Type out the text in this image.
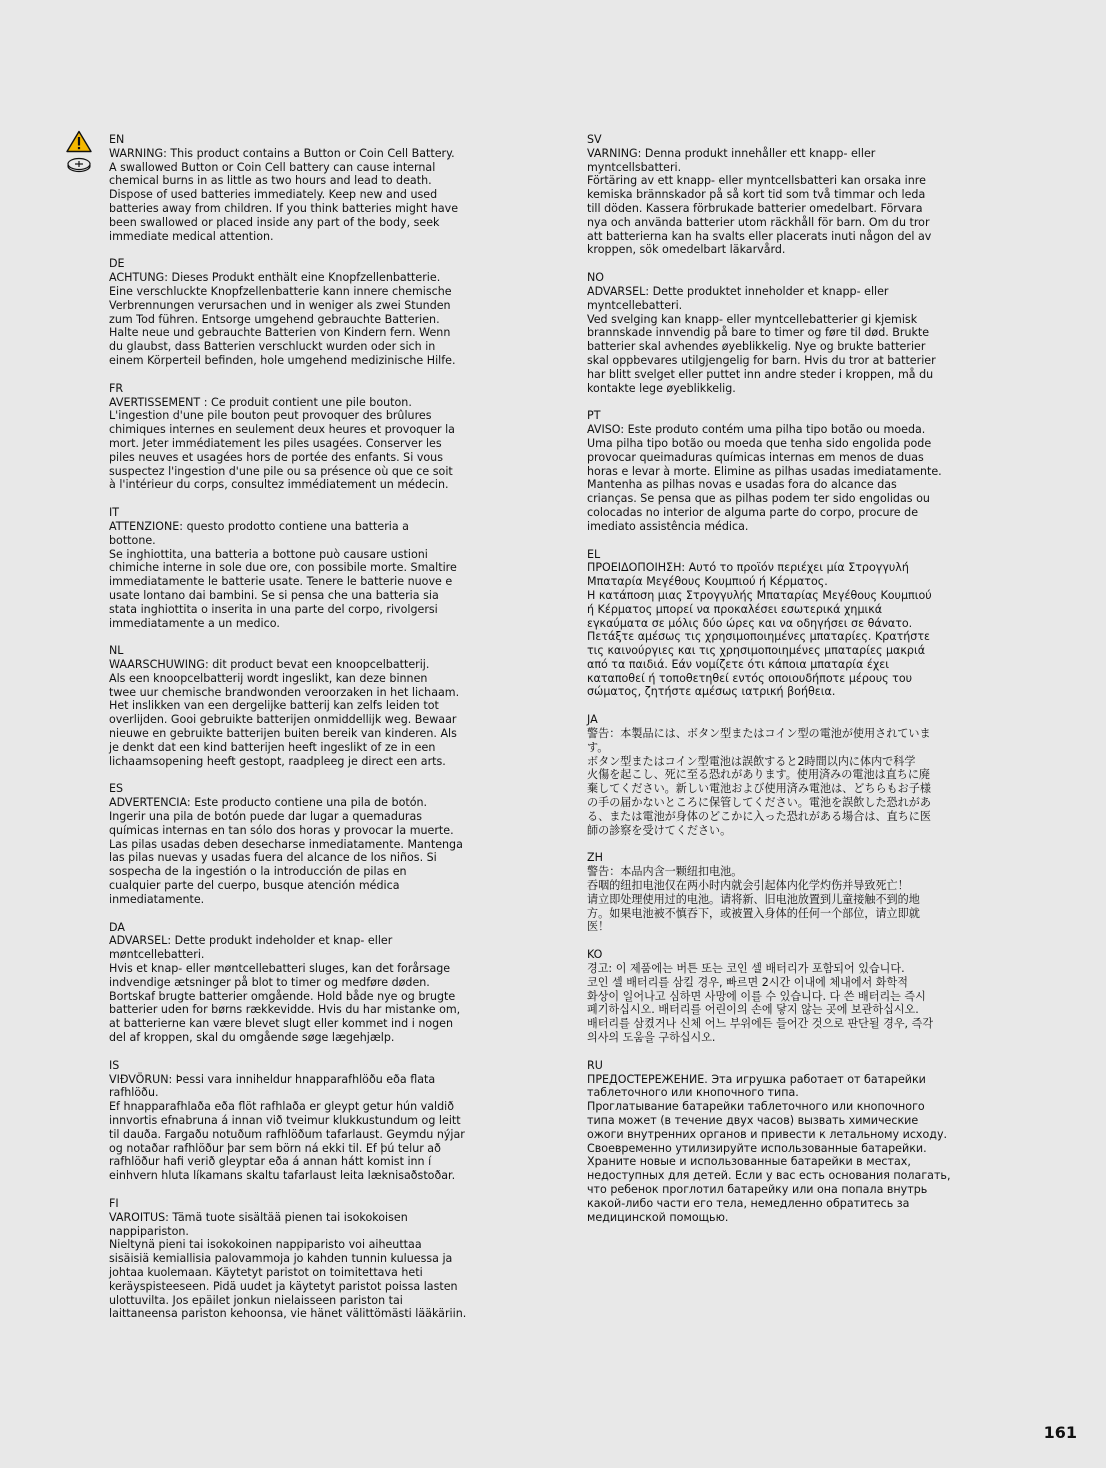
EN

WARNING: This product contains a Button or Coin Cell Battery.
A swallowed Button or Coin Cell battery can cause internal
chemical burns in as little as two hours and lead to death.
Dispose of used batteries immediately. Keep new and used
batteries away from children. If you think batteries might have
been swallowed or placed inside any part of the body, seek
immediate medical attention.

DE

ACHTUNG: Dieses Produkt enthält eine Knopfzellenbatterie.
Eine verschluckte Knopfzellenbatterie kann innere chemische
Verbrennungen verursachen und in weniger als zwei Stunden
zum Tod führen. Entsorge umgehend gebrauchte Batterien.
Halte neue und gebrauchte Batterien von Kindern fern. Wenn
du glaubst, dass Batterien verschluckt wurden oder sich in
einem Körperteil befinden, hole umgehend medizinische Hilfe.

FR

AVERTISSEMENT : Ce produit contient une pile bouton.
L'ingestion d'une pile bouton peut provoquer des brûlures
chimiques internes en seulement deux heures et provoquer la
mort. Jeter immédiatement les piles usagées. Conserver les
piles neuves et usagées hors de portée des enfants. Si vous
suspectez l'ingestion d'une pile ou sa présence où que ce soit
à l'intérieur du corps, consultez immédiatement un médecin.

IT

ATTENZIONE: questo prodotto contiene una batteria a
bottone.
Se inghiottita, una batteria a bottone può causare ustioni
chimiche interne in sole due ore, con possibile morte. Smaltire
immediatamente le batterie usate. Tenere le batterie nuove e
usate lontano dai bambini. Se si pensa che una batteria sia
stata inghiottita o inserita in una parte del corpo, rivolgersi
immediatamente a un medico.

NL

WAARSCHUWING: dit product bevat een knoopcelbatterij.
Als een knoopcelbatterij wordt ingeslikt, kan deze binnen
twee uur chemische brandwonden veroorzaken in het lichaam.
Het inslikken van een dergelijke batterij kan zelfs leiden tot
overlijden. Gooi gebruikte batterijen onmiddellijk weg. Bewaar
nieuwe en gebruikte batterijen buiten bereik van kinderen. Als
je denkt dat een kind batterijen heeft ingeslikt of ze in een
lichaamsopening heeft gestopt, raadpleeg je direct een arts.

ES

ADVERTENCIA: Este producto contiene una pila de botón.
Ingerir una pila de botón puede dar lugar a quemaduras
químicas internas en tan sólo dos horas y provocar la muerte.
Las pilas usadas deben desecharse inmediatamente. Mantenga
las pilas nuevas y usadas fuera del alcance de los niños. Si
sospecha de la ingestión o la introducción de pilas en
cualquier parte del cuerpo, busque atención médica
inmediatamente.

DA

ADVARSEL: Dette produkt indeholder et knap- eller
møntcellebatteri.
Hvis et knap- eller møntcellebatteri sluges, kan det forårsage
indvendige ætsninger på blot to timer og medføre døden.
Bortskaf brugte batterier omgående. Hold både nye og brugte
batterier uden for børns rækkevidde. Hvis du har mistanke om,
at batterierne kan være blevet slugt eller kommet ind i nogen
del af kroppen, skal du omgående søge lægehjælp.

IS

VIÐVÖRUN: Þessi vara inniheldur hnapparafhlöðu eða flata
rafhlöðu.
Ef hnapparafhlaða eða flöt rafhlaða er gleypt getur hún valdið
innvortis efnabruna á innan við tveimur klukkustundum og leitt
til dauða. Fargaðu notuðum rafhlöðum tafarlaust. Geymdu nýjar
og notaðar rafhlöður þar sem börn ná ekki til. Ef þú telur að
rafhlöður hafi verið gleyptar eða á annan hátt komist inn í
einhvern hluta líkamans skaltu tafarlaust leita læknisaðstoðar.

FI

VAROITUS: Tämä tuote sisältää pienen tai isokokoisen
nappipariston.
Nieltynä pieni tai isokokoinen nappiparisto voi aiheuttaa
sisäisiä kemiallisia palovammoja jo kahden tunnin kuluessa ja
johtaa kuolemaan. Käytetyt paristot on toimitettava heti
keräyspisteeseen. Pidä uudet ja käytetyt paristot poissa lasten
ulottuvilta. Jos epäilet jonkun nielaisseen pariston tai
laittaneensa pariston kehoonsa, vie hänet välittömästi lääkäriin.

SV

VARNING: Denna produkt innehåller ett knapp- eller
myntcellsbatteri.
Förtäring av ett knapp- eller myntcellsbatteri kan orsaka inre
kemiska brännskador på så kort tid som två timmar och leda
till döden. Kassera förbrukade batterier omedelbart. Förvara
nya och använda batterier utom räckhåll för barn. Om du tror
att batterierna kan ha svalts eller placerats inuti någon del av
kroppen, sök omedelbart läkarvård.

NO

ADVARSEL: Dette produktet inneholder et knapp- eller
myntcellebatteri.
Ved svelging kan knapp- eller myntcellebatterier gi kjemisk
brannskade innvendig på bare to timer og føre til død. Brukte
batterier skal avhendes øyeblikkelig. Nye og brukte batterier
skal oppbevares utilgjengelig for barn. Hvis du tror at batterier
har blitt svelget eller puttet inn andre steder i kroppen, må du
kontakte lege øyeblikkelig.

PT

AVISO: Este produto contém uma pilha tipo botão ou moeda.
Uma pilha tipo botão ou moeda que tenha sido engolida pode
provocar queimaduras químicas internas em menos de duas
horas e levar à morte. Elimine as pilhas usadas imediatamente.
Mantenha as pilhas novas e usadas fora do alcance das
crianças. Se pensa que as pilhas podem ter sido engolidas ou
colocadas no interior de alguma parte do corpo, procure de
imediato assistência médica.

EL

ΠΡΟΕΙΔΟΠΟΙΗΣΗ: Αυτό το προϊόν περιέχει μία Στρογγυλή
Μπαταρία Μεγέθους Κουμπιού ή Κέρματος.
Η κατάποση μιας Στρογγυλής Μπαταρίας Μεγέθους Κουμπιού
ή Κέρματος μπορεί να προκαλέσει εσωτερικά χημικά
εγκαύματα σε μόλις δύο ώρες και να οδηγήσει σε θάνατο.
Πετάξτε αμέσως τις χρησιμοποιημένες μπαταρίες. Κρατήστε
τις καινούργιες και τις χρησιμοποιημένες μπαταρίες μακριά
από τα παιδιά. Εάν νομίζετε ότι κάποια μπαταρία έχει
καταποθεί ή τοποθετηθεί εντός οποιουδήποτε μέρους του
σώματος, ζητήστε αμέσως ιατρική βοήθεια.

JA

警告：本製品には、ボタン型またはコイン型の電池が使用されていま
す。
ボタン型またはコイン型電池は誤飲すると2時間以内に体内で科学
火傷を起こし、死に至る恐れがあります。使用済みの電池は直ちに廃
棄してください。新しい電池および使用済み電池は、どちらもお子様
の手の届かないところに保管してください。電池を誤飲した恐れがあ
る、または電池が身体のどこかに入った恐れがある場合は、直ちに医
師の診察を受けてください。

ZH

警告：本品内含一颗纽扣电池。
吞咽的纽扣电池仅在两小时内就会引起体内化学灼伤并导致死亡！
请立即处理使用过的电池。请将新、旧电池放置到儿童接触不到的地
方。如果电池被不慎吞下，或被置入身体的任何一个部位，请立即就
医！

KO

경고: 이 제품에는 버튼 또는 코인 셀 배터리가 포함되어 있습니다.
코인 셀 배터리를 삼킬 경우, 빠르면 2시간 이내에 체내에서 화학적
화상이 일어나고 심하면 사망에 이를 수 있습니다. 다 쓴 배터리는 즉시
폐기하십시오. 배터리를 어린이의 손에 닿지 않는 곳에 보관하십시오.
배터리를 삼켰거나 신체 어느 부위에든 들어간 것으로 판단될 경우, 즉각
의사의 도움을 구하십시오.

RU

ПРЕДОСТЕРЕЖЕНИЕ. Эта игрушка работает от батарейки
таблеточного или кнопочного типа.
Проглатывание батарейки таблеточного или кнопочного
типа может (в течение двух часов) вызвать химические
ожоги внутренних органов и привести к летальному исходу.
Своевременно утилизируйте использованные батарейки.
Храните новые и использованные батарейки в местах,
недоступных для детей. Если у вас есть основания полагать,
что ребенок проглотил батарейку или она попала внутрь
какой-либо части его тела, немедленно обратитесь за
медицинской помощью.

161
